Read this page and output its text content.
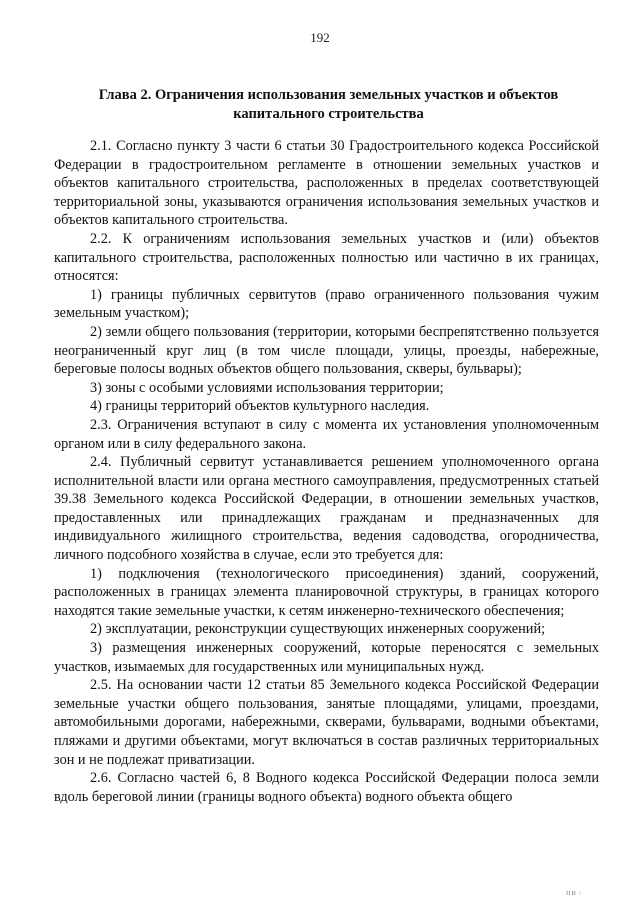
192
Глава 2. Ограничения использования земельных участков и объектов капитального строительства

2.1. Согласно пункту 3 части 6 статьи 30 Градостроительного кодекса Российской Федерации в градостроительном регламенте в отношении земельных участков и объектов капитального строительства, расположенных в пределах соответствующей территориальной зоны, указываются ограничения использования земельных участков и объектов капитального строительства.

2.2. К ограничениям использования земельных участков и (или) объектов капитального строительства, расположенных полностью или частично в их границах, относятся:

1) границы публичных сервитутов (право ограниченного пользования чужим земельным участком);

2) земли общего пользования (территории, которыми беспрепятственно пользуется неограниченный круг лиц (в том числе площади, улицы, проезды, набережные, береговые полосы водных объектов общего пользования, скверы, бульвары);

3) зоны с особыми условиями использования территории;

4) границы территорий объектов культурного наследия.

2.3. Ограничения вступают в силу с момента их установления уполномоченным органом или в силу федерального закона.

2.4. Публичный сервитут устанавливается решением уполномоченного органа исполнительной власти или органа местного самоуправления, предусмотренных статьей 39.38 Земельного кодекса Российской Федерации, в отношении земельных участков, предоставленных или принадлежащих гражданам и предназначенных для индивидуального жилищного строительства, ведения садоводства, огородничества, личного подсобного хозяйства в случае, если это требуется для:

1) подключения (технологического присоединения) зданий, сооружений, расположенных в границах элемента планировочной структуры, в границах которого находятся такие земельные участки, к сетям инженерно-технического обеспечения;

2) эксплуатации, реконструкции существующих инженерных сооружений;

3) размещения инженерных сооружений, которые переносятся с земельных участков, изымаемых для государственных или муниципальных нужд.

2.5. На основании части 12 статьи 85 Земельного кодекса Российской Федерации земельные участки общего пользования, занятые площадями, улицами, проездами, автомобильными дорогами, набережными, скверами, бульварами, водными объектами, пляжами и другими объектами, могут включаться в состав различных территориальных зон и не подлежат приватизации.

2.6. Согласно частей 6, 8 Водного кодекса Российской Федерации полоса земли вдоль береговой линии (границы водного объекта) водного объекта общего

ПИ /
